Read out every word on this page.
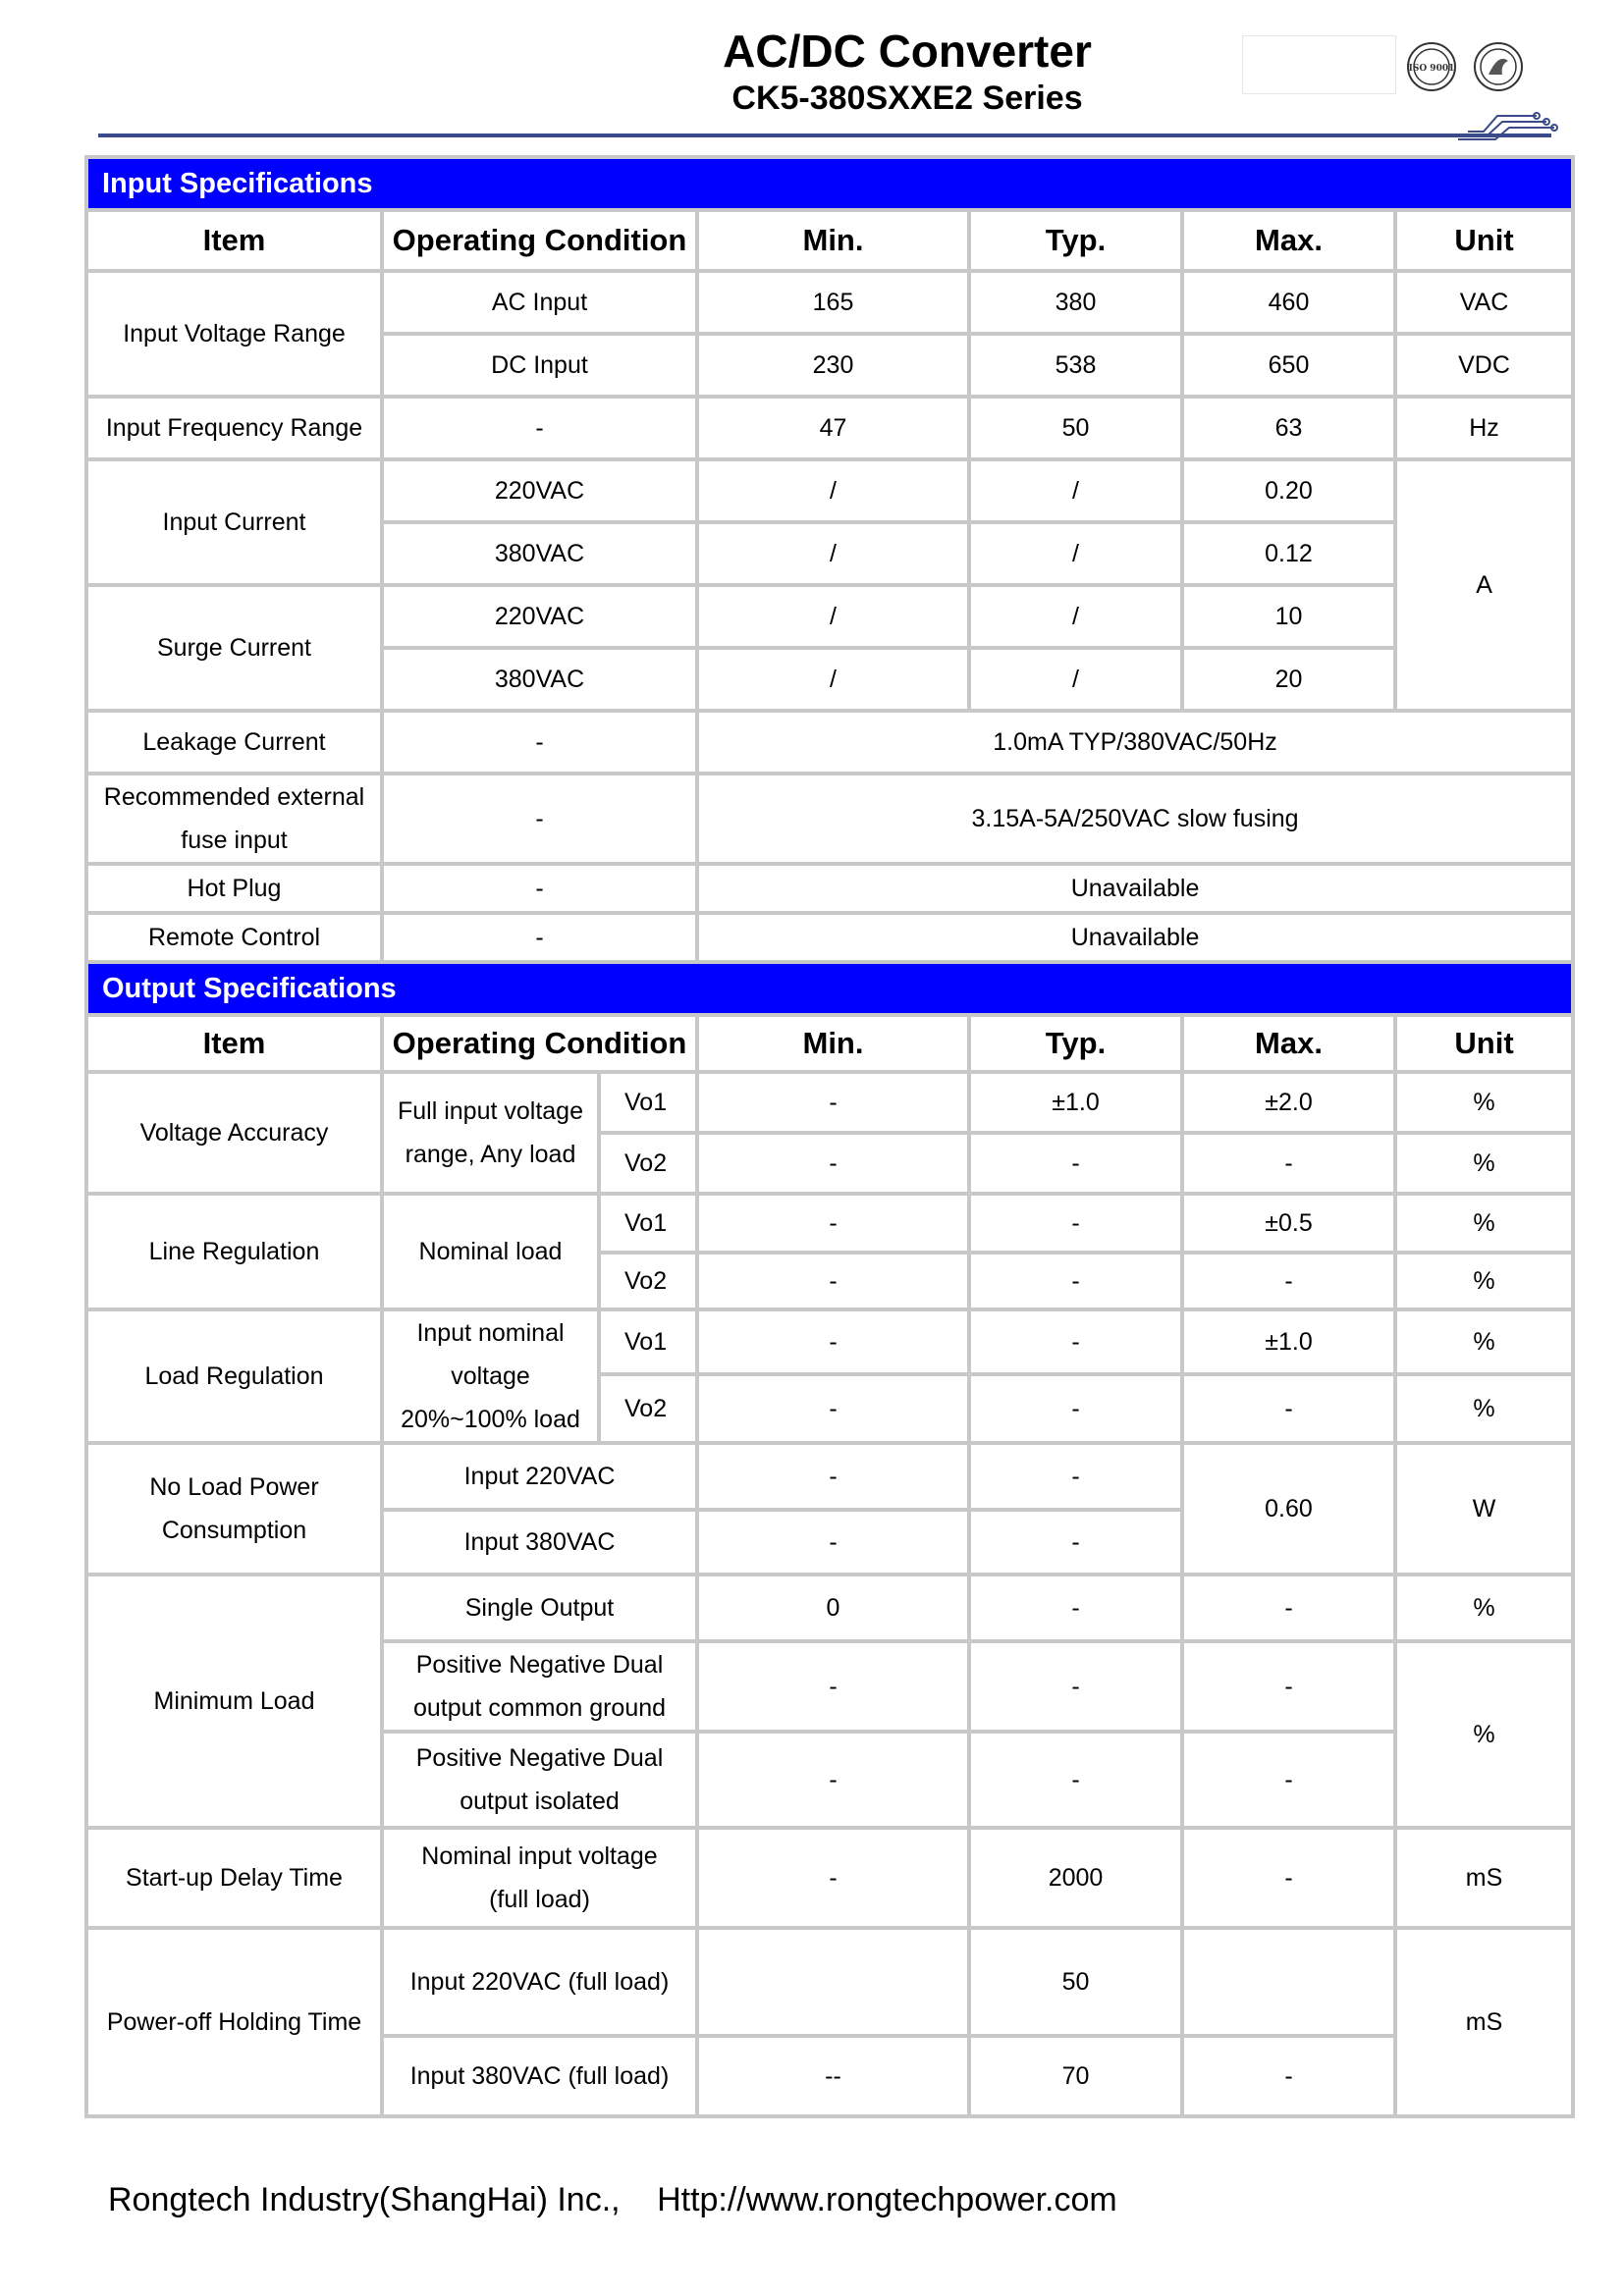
AC/DC Converter
CK5-380SXXE2 Series
ISO 9001
Input Specifications						
Item	Operating Condition		Min.	Typ.	Max.	Unit
Input Voltage Range	AC Input		165	380	460	VAC
	DC Input		230	538	650	VDC
Input Frequency Range	-		47	50	63	Hz
Input Current	220VAC		/	/	0.20	A
	380VAC		/	/	0.12	
Surge Current	220VAC		/	/	10	
	380VAC		/	/	20	
Leakage Current	-		1.0mA TYP/380VAC/50Hz			

Recommended external
fuse input	-		3.15A-5A/250VAC slow fusing			
Hot Plug	-		Unavailable			
Remote Control	-		Unavailable			
Output Specifications						
Item	Operating Condition		Min.	Typ.	Max.	Unit
Voltage Accuracy	Full input voltage
range, Any load	Vo1	-	±1.0	±2.0	%
		Vo2	-	-	-	%
Line Regulation	Nominal load	Vo1	-	-	±0.5	%
		Vo2	-	-	-	%
Load Regulation	Input nominal
voltage
20%~100% load	Vo1	-	-	±1.0	%
		Vo2	-	-	-	%

No Load Power
Consumption	Input 220VAC		-	-	0.60	W
	Input 380VAC		-	-		
Minimum Load	Single Output		0	-	-	%

	Positive Negative Dual
output common ground		-	-	-	%

	Positive Negative Dual
output isolated		-	-	-	
Start-up Delay Time	Nominal input voltage
(full load)		-	2000	-	mS
Power-off Holding Time	Input 220VAC (full load)			50		mS
	Input 380VAC (full load)		--	70	-	
Rongtech Industry(ShangHai) Inc., Http://www.rongtechpower.com
